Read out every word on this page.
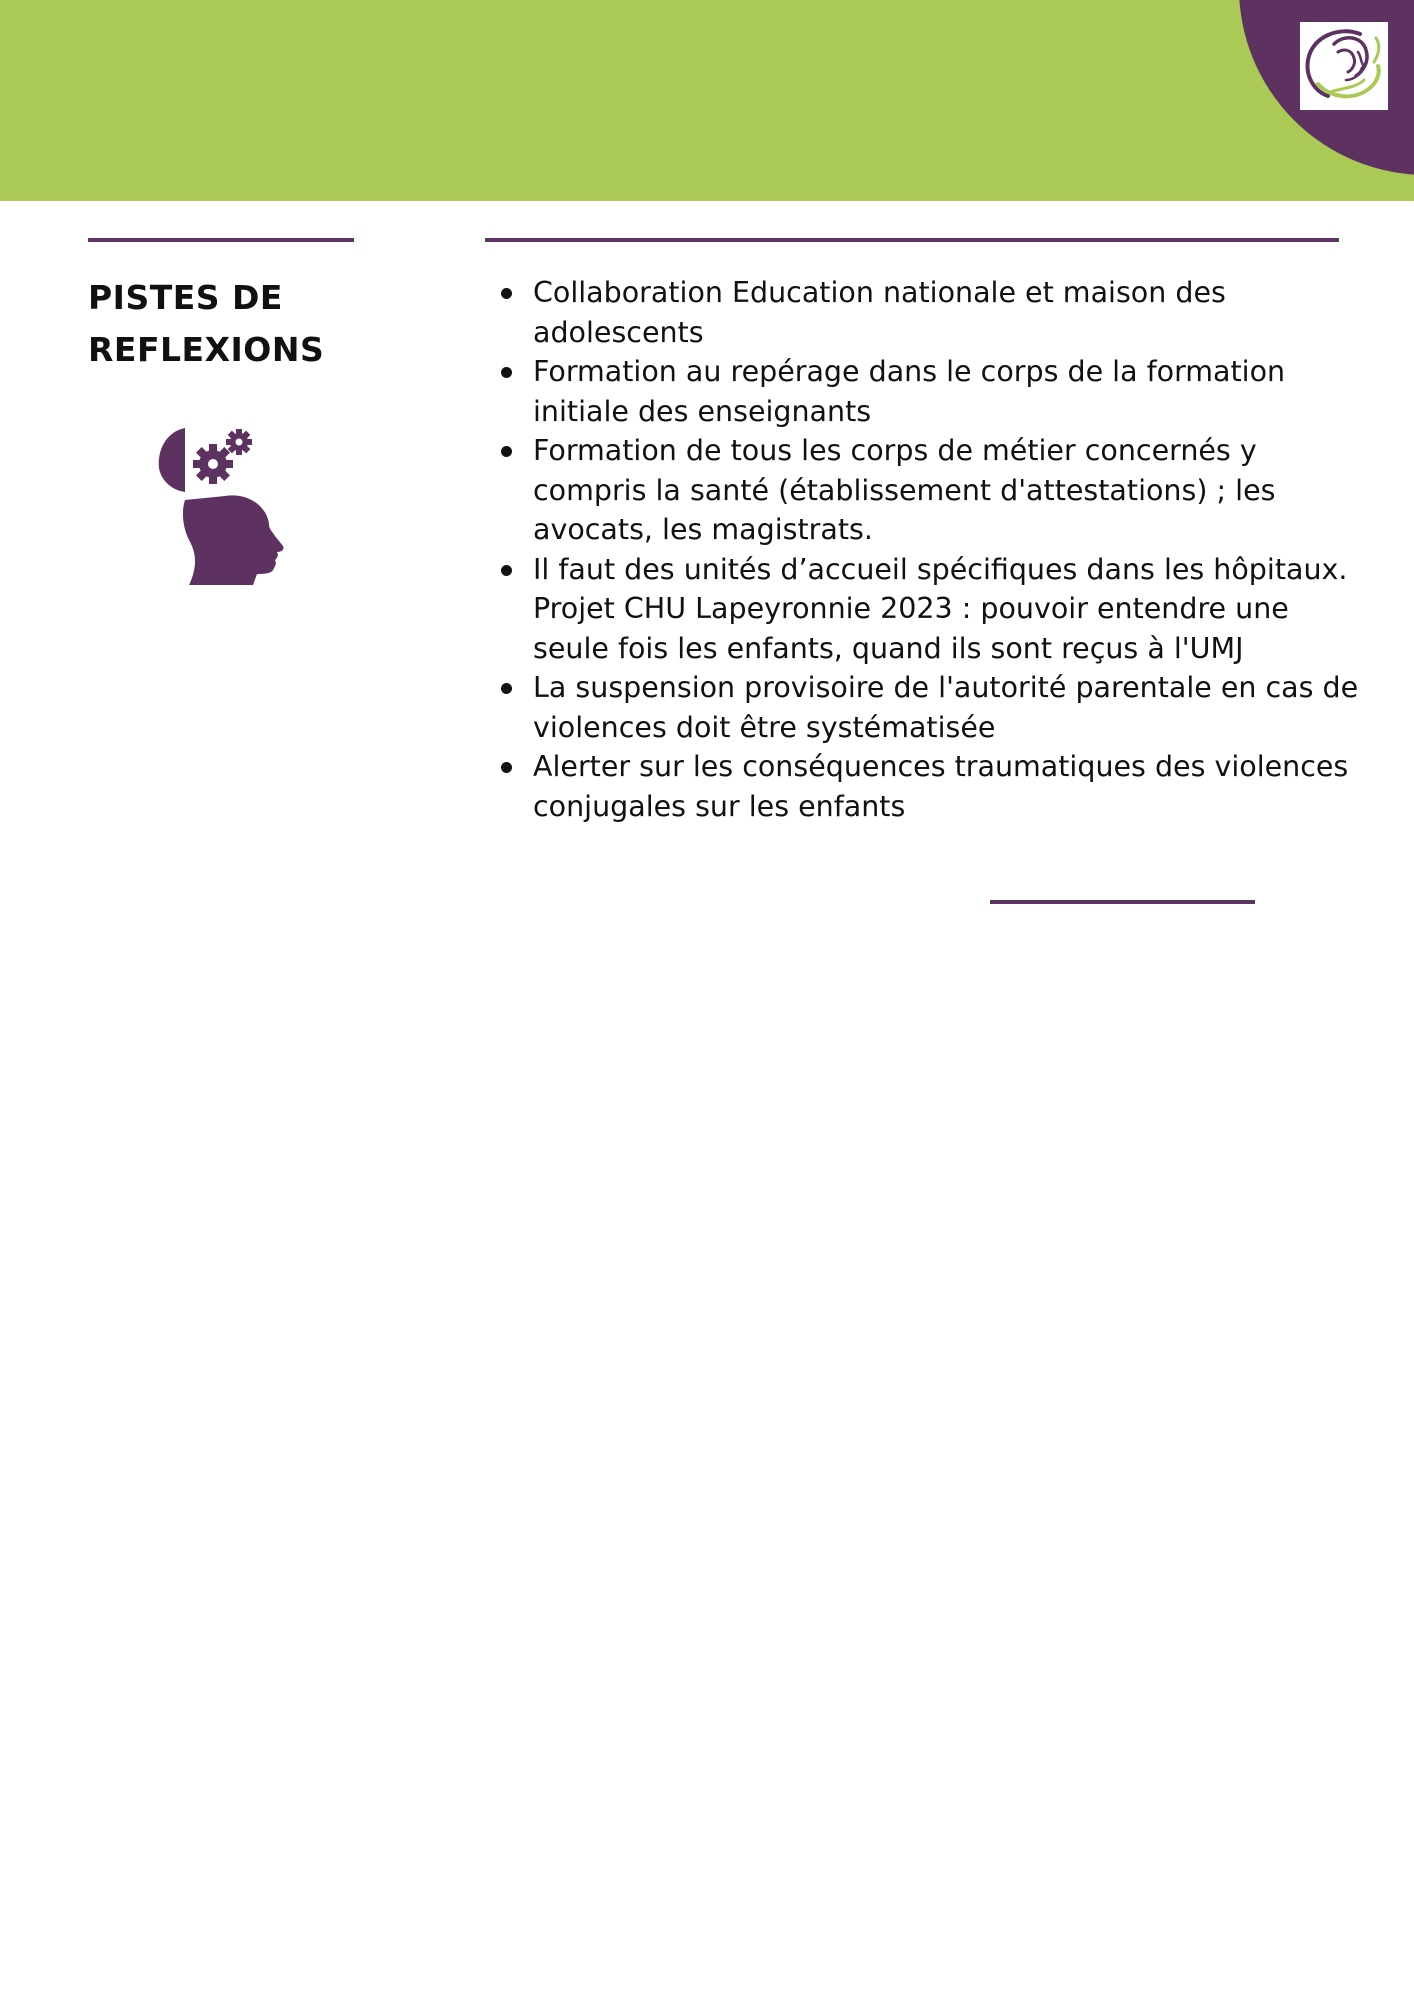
PISTES DE
REFLEXIONS
Collaboration Education nationale et maison des adolescents
Formation au repérage dans le corps de la formation initiale des enseignants
Formation de tous les corps de métier concernés y compris la santé (établissement d'attestations) ; les avocats, les magistrats.
Il faut des unités d’accueil spécifiques dans les hôpitaux. Projet CHU Lapeyronnie 2023 : pouvoir entendre une seule fois les enfants, quand ils sont reçus à l'UMJ
La suspension provisoire de l'autorité parentale en cas de violences doit être systématisée
Alerter sur les conséquences traumatiques des violences conjugales sur les enfants
